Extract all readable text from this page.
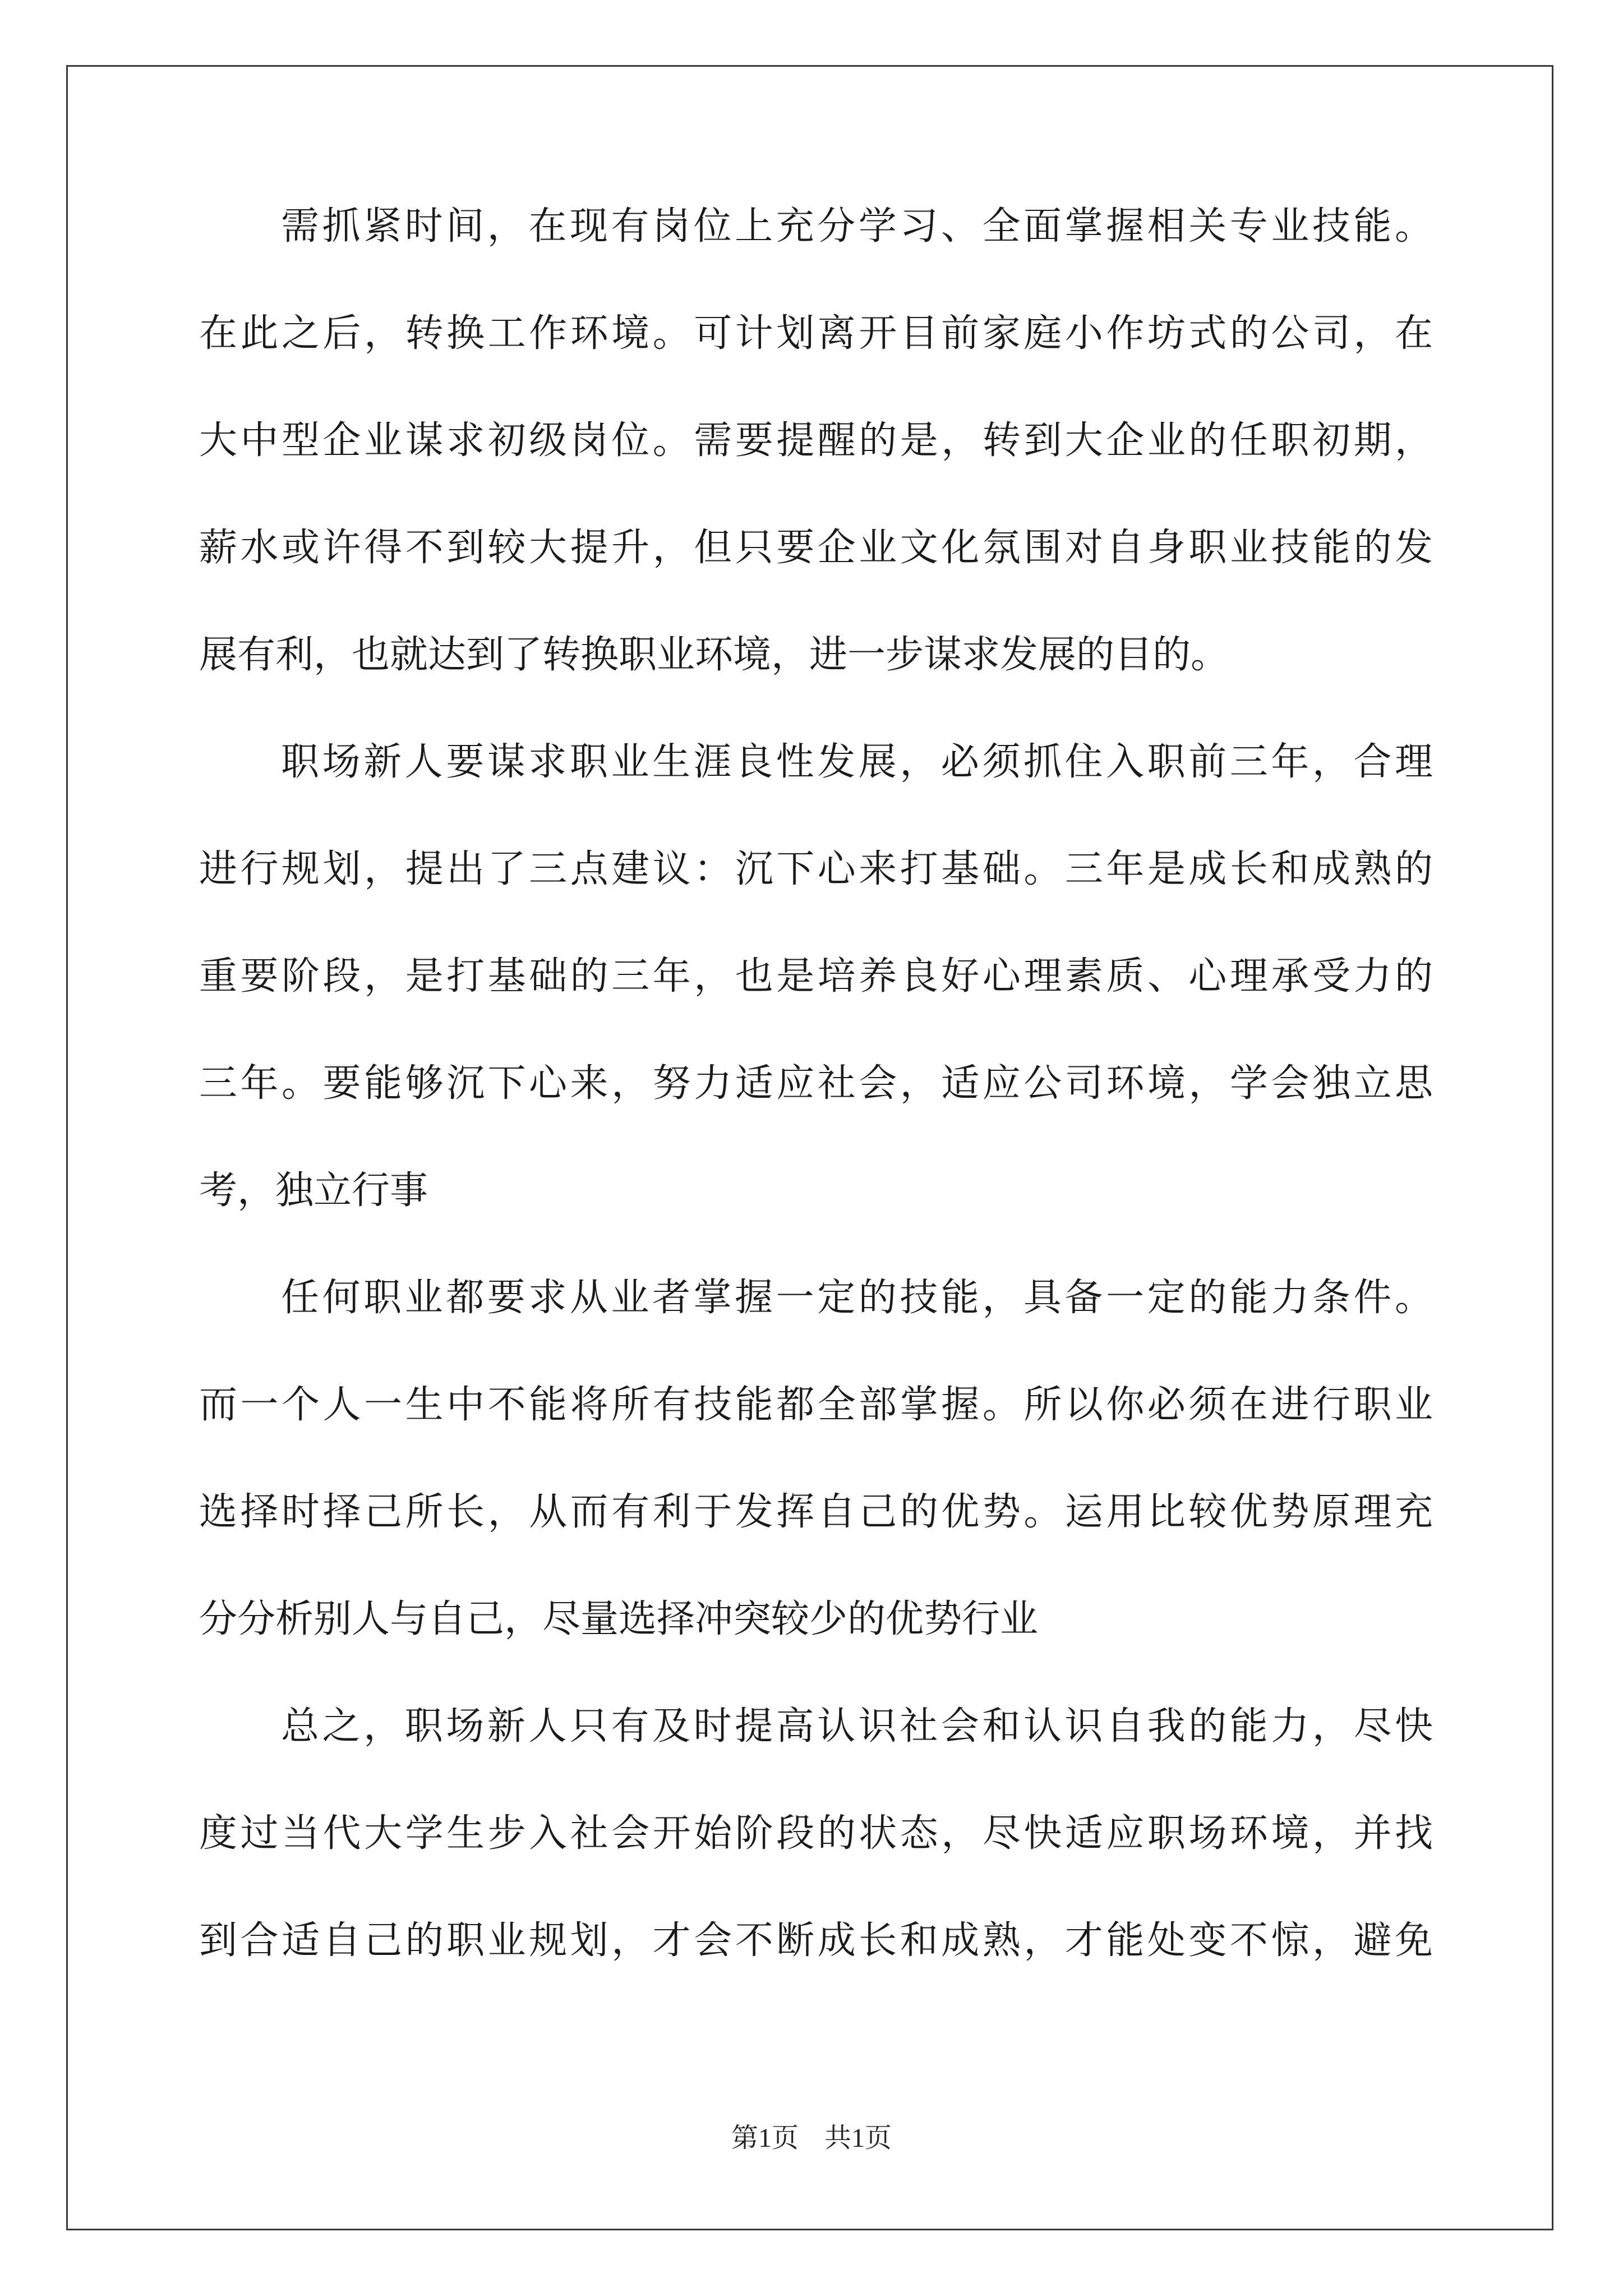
需抓紧时间，在现有岗位上充分学习、全面掌握相关专业技能。
在此之后，转换工作环境。可计划离开目前家庭小作坊式的公司，在
大中型企业谋求初级岗位。需要提醒的是，转到大企业的任职初期，
薪水或许得不到较大提升，但只要企业文化氛围对自身职业技能的发
展有利，也就达到了转换职业环境，进一步谋求发展的目的。
职场新人要谋求职业生涯良性发展，必须抓住入职前三年，合理
进行规划，提出了三点建议：沉下心来打基础。三年是成长和成熟的
重要阶段，是打基础的三年，也是培养良好心理素质、心理承受力的
三年。要能够沉下心来，努力适应社会，适应公司环境，学会独立思
考，独立行事
任何职业都要求从业者掌握一定的技能，具备一定的能力条件。
而一个人一生中不能将所有技能都全部掌握。所以你必须在进行职业
选择时择己所长，从而有利于发挥自己的优势。运用比较优势原理充
分分析别人与自己，尽量选择冲突较少的优势行业
总之，职场新人只有及时提高认识社会和认识自我的能力，尽快
度过当代大学生步入社会开始阶段的状态，尽快适应职场环境，并找
到合适自己的职业规划，才会不断成长和成熟，才能处变不惊，避免
第1页 共1页
